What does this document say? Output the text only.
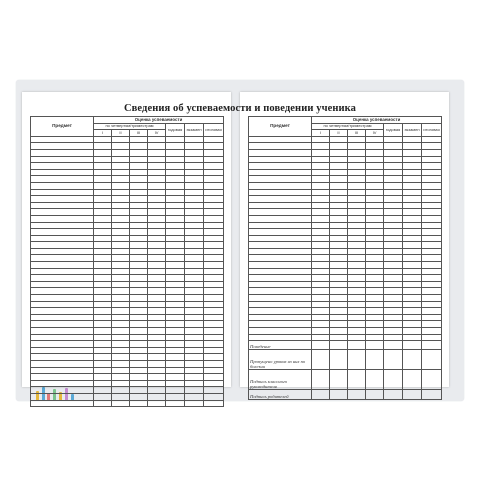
Предмет	Оценка успеваемости						
	по четвертям/триместрам				годовая	экзамен	итоговая
	I	II	III	IV			

Предмет	Оценка успеваемости						
	по четвертям/триместрам				годовая	экзамен	итоговая
	I	II	III	IV			

Поведение							
Пропущено уроков из них по болезни							
Подпись классного руководителя							
Подпись родителей							
Сведения об успеваемости и поведении ученика
